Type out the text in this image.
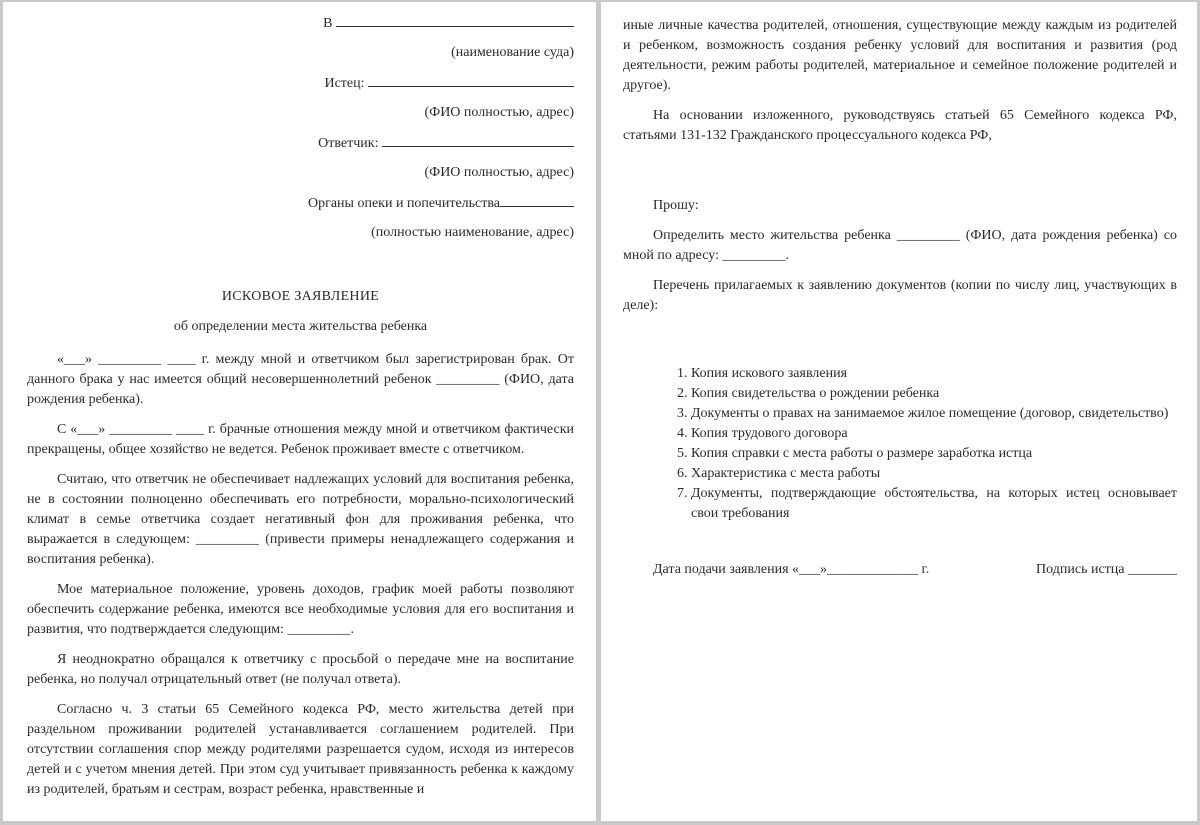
В
(наименование суда)
Истец:
(ФИО полностью, адрес)
Ответчик:
(ФИО полностью, адрес)
Органы опеки и попечительства
(полностью наименование, адрес)
ИСКОВОЕ ЗАЯВЛЕНИЕ
об определении места жительства ребенка

«___» _________ ____ г. между мной и ответчиком был зарегистрирован брак. От данного брака у нас имеется общий несовершеннолетний ребенок _________ (ФИО, дата рождения ребенка).

С «___» _________ ____ г. брачные отношения между мной и ответчиком фактически прекращены, общее хозяйство не ведется. Ребенок проживает вместе с ответчиком.

Считаю, что ответчик не обеспечивает надлежащих условий для воспитания ребенка, не в состоянии полноценно обеспечивать его потребности, морально-психологический климат в семье ответчика создает негативный фон для проживания ребенка, что выражается в следующем: _________ (привести примеры ненадлежащего содержания и воспитания ребенка).

Мое материальное положение, уровень доходов, график моей работы позволяют обеспечить содержание ребенка, имеются все необходимые условия для его воспитания и развития, что подтверждается следующим: _________.

Я неоднократно обращался к ответчику с просьбой о передаче мне на воспитание ребенка, но получал отрицательный ответ (не получал ответа).

Согласно ч. 3 статьи 65 Семейного кодекса РФ, место жительства детей при раздельном проживании родителей устанавливается соглашением родителей. При отсутствии соглашения спор между родителями разрешается судом, исходя из интересов детей и с учетом мнения детей. При этом суд учитывает привязанность ребенка к каждому из родителей, братьям и сестрам, возраст ребенка, нравственные и

иные личные качества родителей, отношения, существующие между каждым из родителей и ребенком, возможность создания ребенку условий для воспитания и развития (род деятельности, режим работы родителей, материальное и семейное положение родителей и другое).

На основании изложенного, руководствуясь статьей 65 Семейного кодекса РФ, статьями 131-132 Гражданского процессуального кодекса РФ,

Прошу:

Определить место жительства ребенка _________ (ФИО, дата рождения ребенка) со мной по адресу: _________.

Перечень прилагаемых к заявлению документов (копии по числу лиц, участвующих в деле):

1. Копия искового заявления
2. Копия свидетельства о рождении ребенка
3. Документы о правах на занимаемое жилое помещение (договор, свидетельство)
4. Копия трудового договора
5. Копия справки с места работы о размере заработка истца
6. Характеристика с места работы
7. Документы, подтверждающие обстоятельства, на которых истец основывает свои требования
Дата подачи заявления «___»_____________ г.	Подпись истца _______
